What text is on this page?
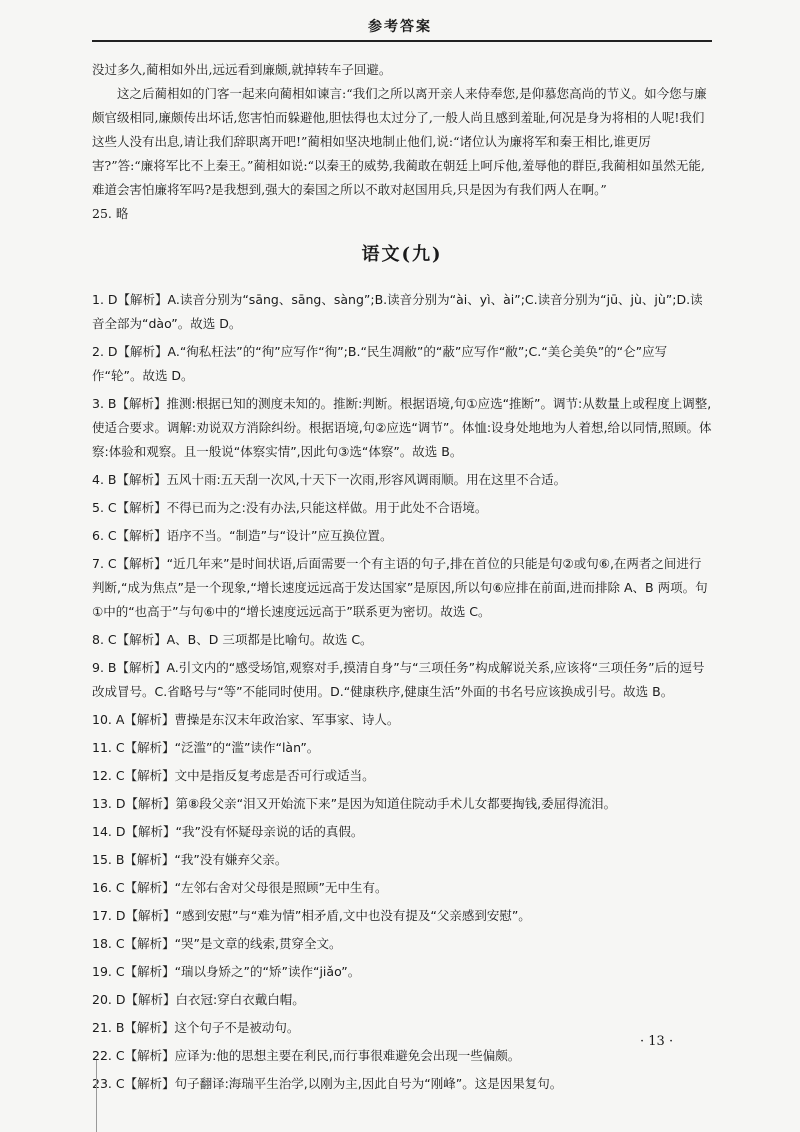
参考答案

没过多久,蔺相如外出,远远看到廉颇,就掉转车子回避。

这之后蔺相如的门客一起来向蔺相如谏言:“我们之所以离开亲人来侍奉您,是仰慕您高尚的节义。如今您与廉颇官级相同,廉颇传出坏话,您害怕而躲避他,胆怯得也太过分了,一般人尚且感到羞耻,何况是身为将相的人呢!我们这些人没有出息,请让我们辞职离开吧!”蔺相如坚决地制止他们,说:“诸位认为廉将军和秦王相比,谁更厉害?”答:“廉将军比不上秦王。”蔺相如说:“以秦王的威势,我蔺敢在朝廷上呵斥他,羞辱他的群臣,我蔺相如虽然无能,难道会害怕廉将军吗?是我想到,强大的秦国之所以不敢对赵国用兵,只是因为有我们两人在啊。”

25. 略

语文(九)
1. D【解析】A.读音分别为“sāng、sāng、sàng”;B.读音分别为“ài、yì、ài”;C.读音分别为“jū、jù、jù”;D.读音全部为“dào”。故选 D。
2. D【解析】A.“徇私枉法”的“徇”应写作“徇”;B.“民生凋敝”的“蔽”应写作“敝”;C.“美仑美奂”的“仑”应写作“轮”。故选 D。
3. B【解析】推测:根据已知的测度未知的。推断:判断。根据语境,句①应选“推断”。调节:从数量上或程度上调整,使适合要求。调解:劝说双方消除纠纷。根据语境,句②应选“调节”。体恤:设身处地地为人着想,给以同情,照顾。体察:体验和观察。且一般说“体察实情”,因此句③选“体察”。故选 B。
4. B【解析】五风十雨:五天刮一次风,十天下一次雨,形容风调雨顺。用在这里不合适。
5. C【解析】不得已而为之:没有办法,只能这样做。用于此处不合语境。
6. C【解析】语序不当。“制造”与“设计”应互换位置。
7. C【解析】“近几年来”是时间状语,后面需要一个有主语的句子,排在首位的只能是句②或句⑥,在两者之间进行判断,“成为焦点”是一个现象,“增长速度远远高于发达国家”是原因,所以句⑥应排在前面,进而排除 A、B 两项。句①中的“也高于”与句⑥中的“增长速度远远高于”联系更为密切。故选 C。
8. C【解析】A、B、D 三项都是比喻句。故选 C。
9. B【解析】A.引文内的“感受场馆,观察对手,摸清自身”与“三项任务”构成解说关系,应该将“三项任务”后的逗号改成冒号。C.省略号与“等”不能同时使用。D.“健康秩序,健康生活”外面的书名号应该换成引号。故选 B。
10. A【解析】曹操是东汉末年政治家、军事家、诗人。
11. C【解析】“泛滥”的“滥”读作“làn”。
12. C【解析】文中是指反复考虑是否可行或适当。
13. D【解析】第⑧段父亲“泪又开始流下来”是因为知道住院动手术儿女都要掏钱,委屈得流泪。
14. D【解析】“我”没有怀疑母亲说的话的真假。
15. B【解析】“我”没有嫌弃父亲。
16. C【解析】“左邻右舍对父母很是照顾”无中生有。
17. D【解析】“感到安慰”与“难为情”相矛盾,文中也没有提及“父亲感到安慰”。
18. C【解析】“哭”是文章的线索,贯穿全文。
19. C【解析】“瑞以身矫之”的“矫”读作“jiǎo”。
20. D【解析】白衣冠:穿白衣戴白帽。
21. B【解析】这个句子不是被动句。
22. C【解析】应译为:他的思想主要在利民,而行事很难避免会出现一些偏颇。
23. C【解析】句子翻译:海瑞平生治学,以刚为主,因此自号为“刚峰”。这是因果复句。
· 13 ·
